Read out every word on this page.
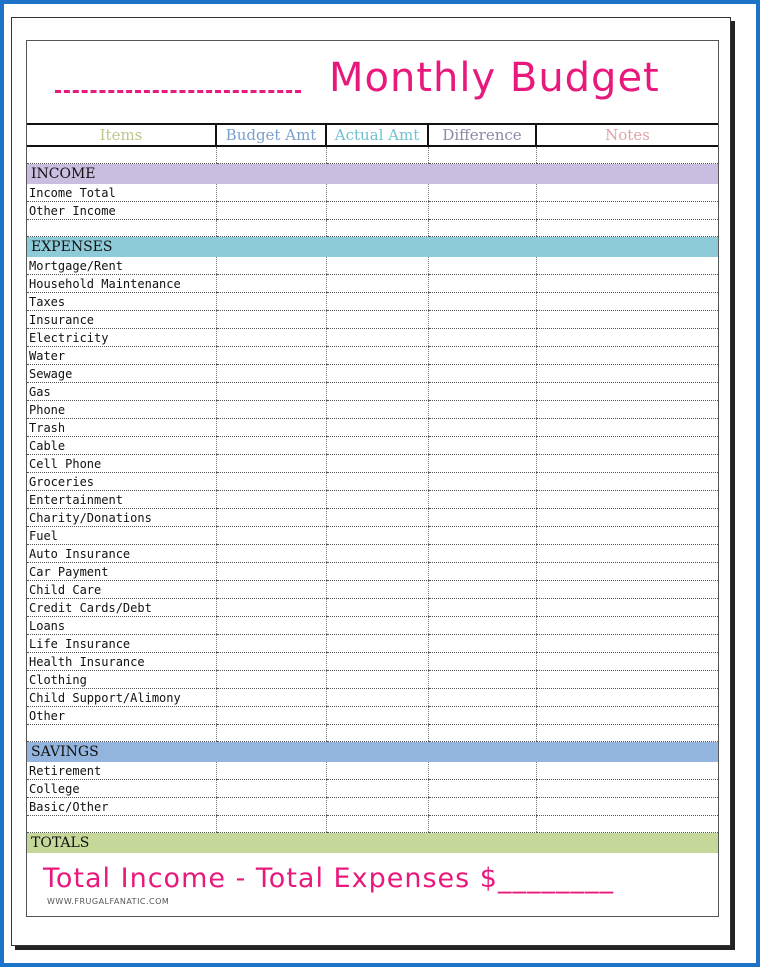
Monthly Budget
Items	Budget Amt	Actual Amt	Difference	Notes

INCOME				
Income Total				
Other Income				

EXPENSES				
Mortgage/Rent				
Household Maintenance				
Taxes				
Insurance				
Electricity				
Water				
Sewage				
Gas				
Phone				
Trash				
Cable				
Cell Phone				
Groceries				
Entertainment				
Charity/Donations				
Fuel				
Auto Insurance				
Car Payment				
Child Care				
Credit Cards/Debt				
Loans				
Life Insurance				
Health Insurance				
Clothing				
Child Support/Alimony				
Other				

SAVINGS				
Retirement				
College				
Basic/Other				

TOTALS				
Total Income - Total Expenses $________
WWW.FRUGALFANATIC.COM
